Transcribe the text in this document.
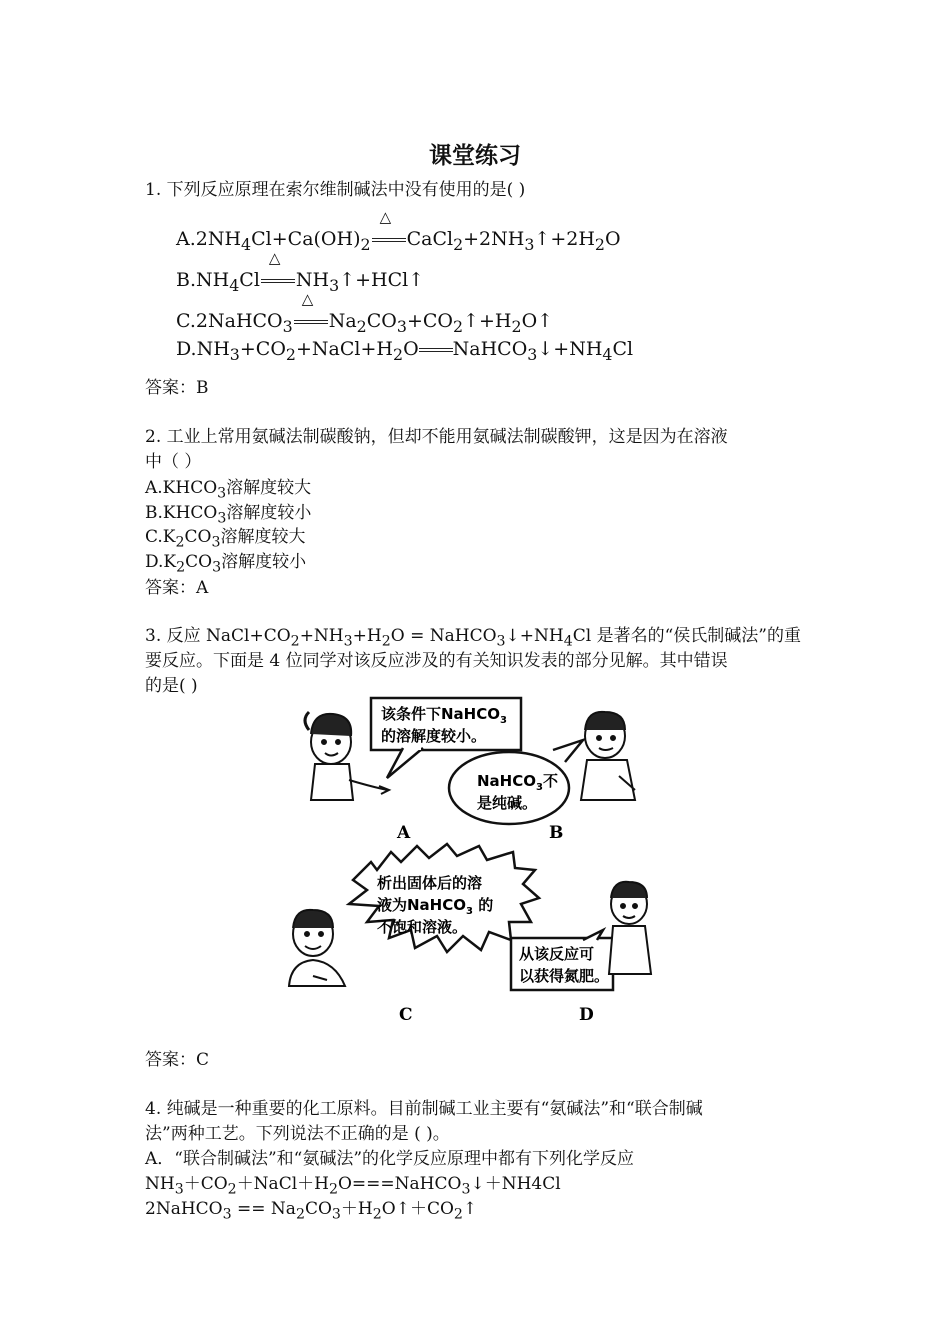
课堂练习
1. 下列反应原理在索尔维制碱法中没有使用的是( )
$A.2NH_4Cl+Ca(OH)_2$
△
$CaCl_2+2NH_3↑+2H_2O$
$B.NH_4Cl$
△
$NH_3↑+HCl↑$
C.2NaHCO$_3$
△
$Na_2CO_3+CO_2↑+H_2O↑$
$D.NH_3+CO_2+NaCl+H_2O$ $NaHCO_3↓+NH_4Cl$
答案：B
2. 工业上常用氨碱法制碳酸钠，但却不能用氨碱法制碳酸钾，这是因为在溶液
中（ ）
$A.KHCO_3$溶解度较大
$B.KHCO_3$溶解度较小
$C.K_2CO_3$溶解度较大
$D.K_2CO_3$溶解度较小
答案：A
3. 反应 $NaCl+CO_2+NH_3+H_2O$ = $NaHCO_3↓+NH_4Cl$ 是著名的“侯氏制碱法”的重
要反应。下面是 4 位同学对该反应涉及的有关知识发表的部分见解。其中错误
的是( )
该条件下NaHCO$_3$
的溶解度较小。
NaHCO$_3$不
是纯碱。
A	B
析出固体后的溶
液为NaHCO$_3$ 的
不饱和溶液。
从该反应可
以获得氮肥。
C	D
答案：C
4. 纯碱是一种重要的化工原料。目前制碱工业主要有“氨碱法”和“联合制碱
法”两种工艺。下列说法不正确的是 ( )。
A．“联合制碱法”和“氨碱法”的化学反应原理中都有下列化学反应
$NH_3+CO_2+NaCl+H_2O===NaHCO_3↓+NH4Cl$
2NaHCO$_3$ == $Na_2CO_3+H_2O↑+CO_2↑$
